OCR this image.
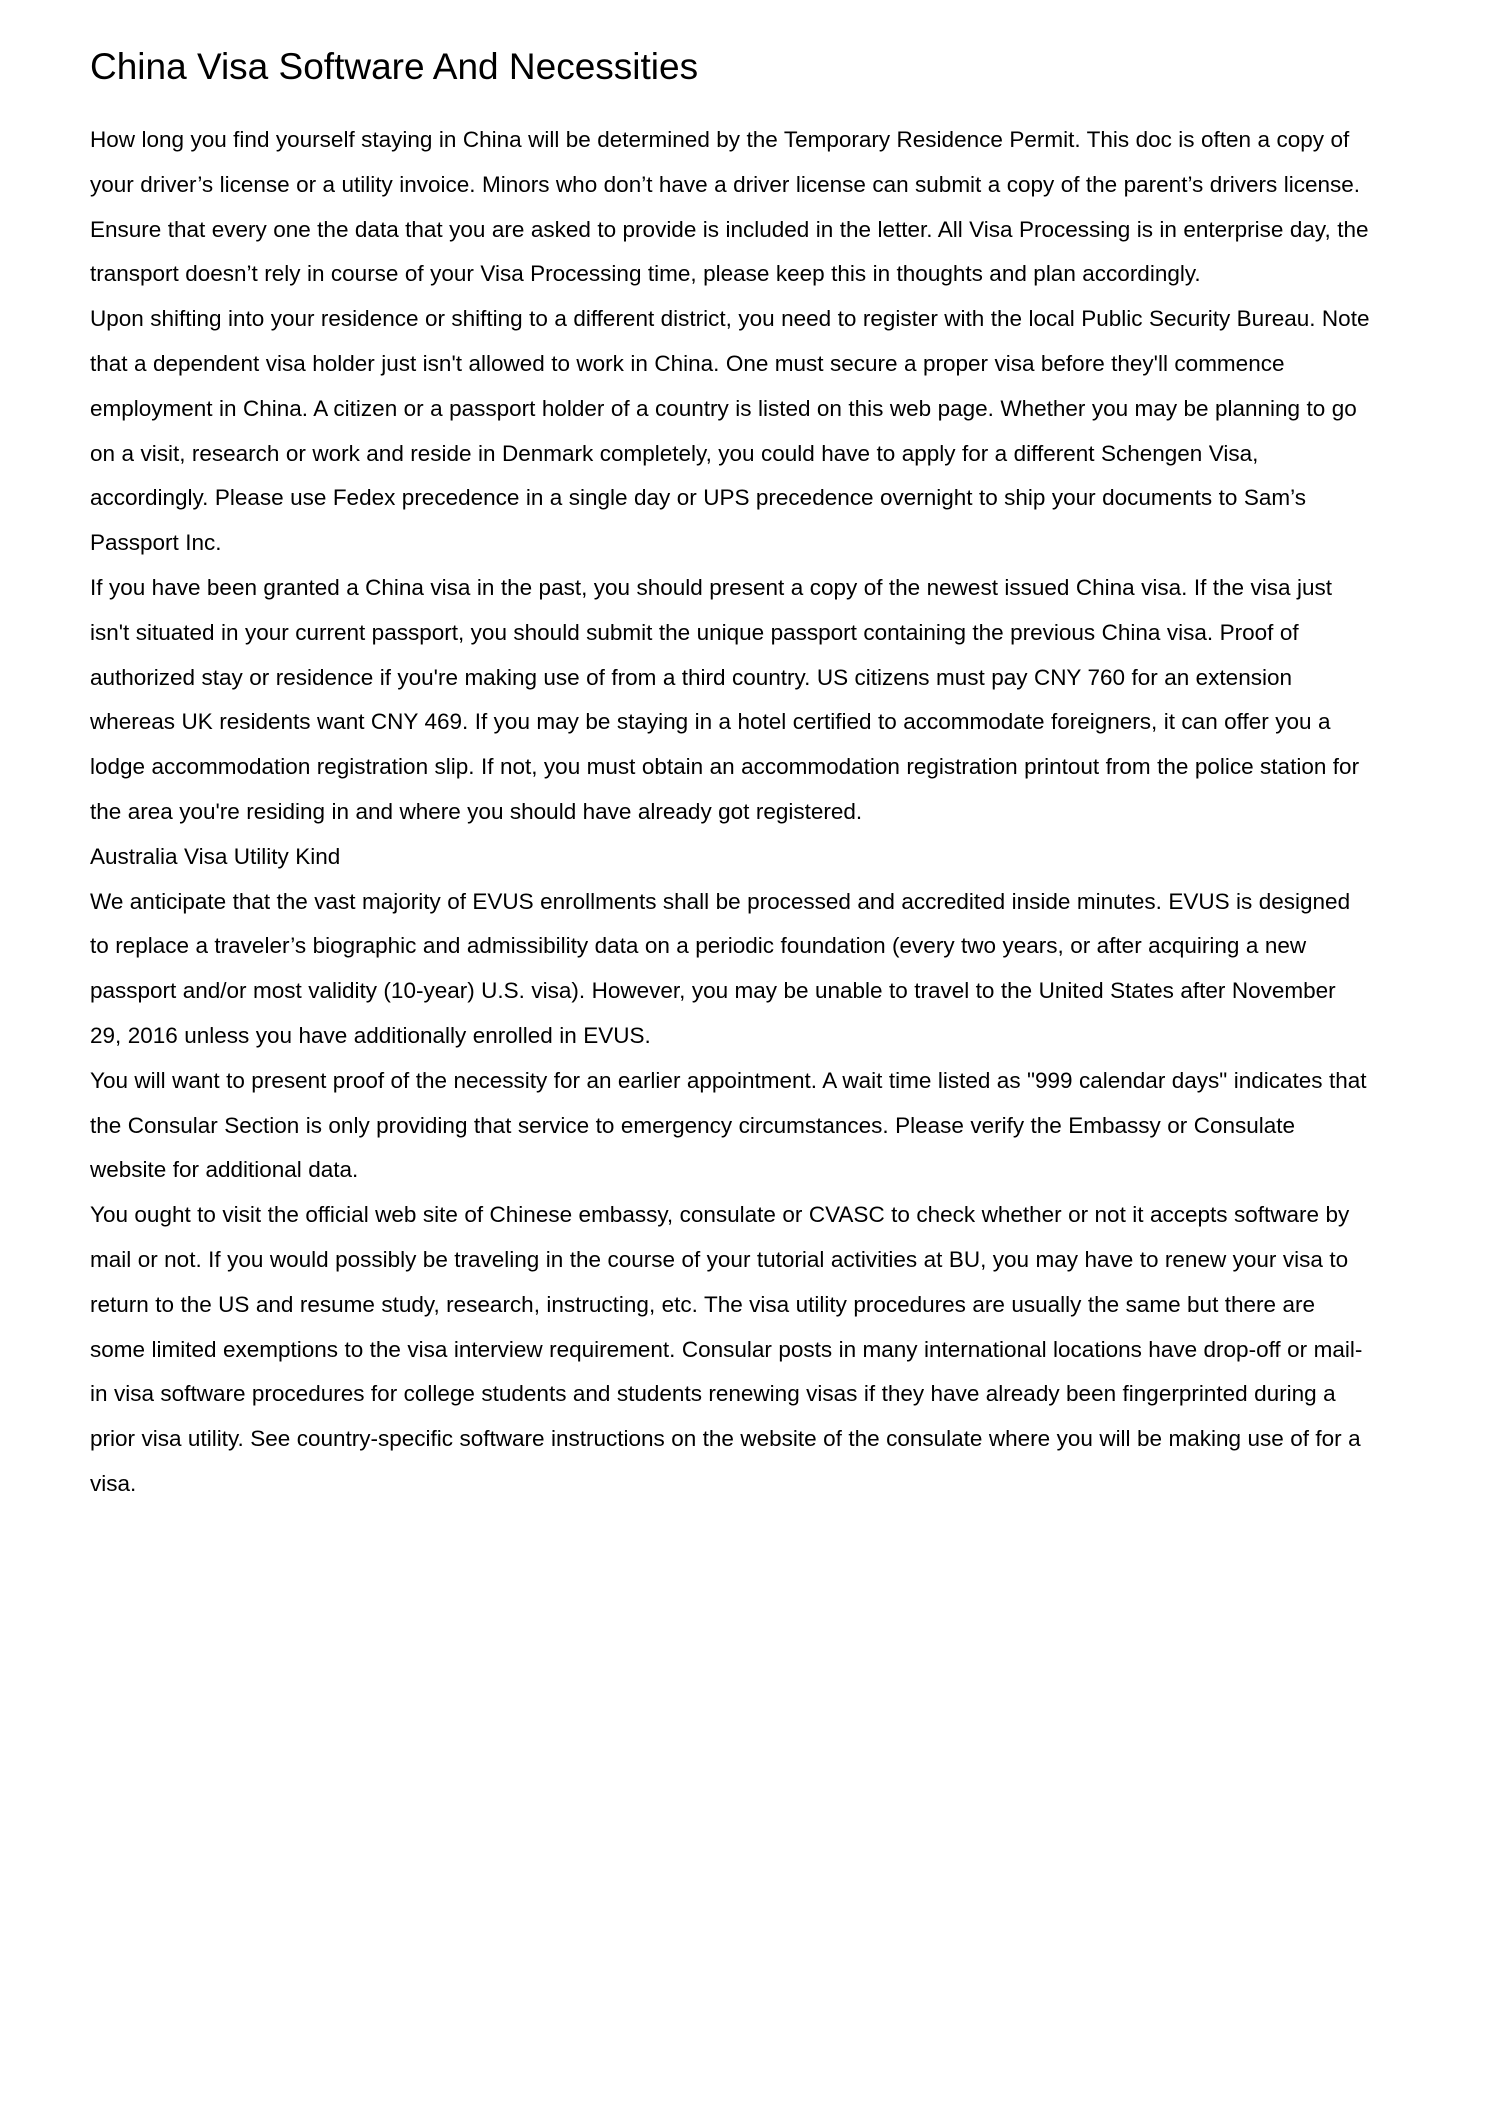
China Visa Software And Necessities

How long you find yourself staying in China will be determined by the Temporary Residence Permit. This doc is often a copy of your driver’s license or a utility invoice. Minors who don’t have a driver license can submit a copy of the parent’s drivers license. Ensure that every one the data that you are asked to provide is included in the letter. All Visa Processing is in enterprise day, the transport doesn’t rely in course of your Visa Processing time, please keep this in thoughts and plan accordingly.

Upon shifting into your residence or shifting to a different district, you need to register with the local Public Security Bureau. Note that a dependent visa holder just isn't allowed to work in China. One must secure a proper visa before they'll commence employment in China. A citizen or a passport holder of a country is listed on this web page. Whether you may be planning to go on a visit, research or work and reside in Denmark completely, you could have to apply for a different Schengen Visa, accordingly. Please use Fedex precedence in a single day or UPS precedence overnight to ship your documents to Sam’s Passport Inc.

If you have been granted a China visa in the past, you should present a copy of the newest issued China visa. If the visa just isn't situated in your current passport, you should submit the unique passport containing the previous China visa. Proof of authorized stay or residence if you're making use of from a third country. US citizens must pay CNY 760 for an extension whereas UK residents want CNY 469. If you may be staying in a hotel certified to accommodate foreigners, it can offer you a lodge accommodation registration slip. If not, you must obtain an accommodation registration printout from the police station for the area you're residing in and where you should have already got registered.

Australia Visa Utility Kind

We anticipate that the vast majority of EVUS enrollments shall be processed and accredited inside minutes. EVUS is designed to replace a traveler’s biographic and admissibility data on a periodic foundation (every two years, or after acquiring a new passport and/or most validity (10-year) U.S. visa). However, you may be unable to travel to the United States after November 29, 2016 unless you have additionally enrolled in EVUS.

You will want to present proof of the necessity for an earlier appointment. A wait time listed as "999 calendar days" indicates that the Consular Section is only providing that service to emergency circumstances. Please verify the Embassy or Consulate website for additional data.

You ought to visit the official web site of Chinese embassy, consulate or CVASC to check whether or not it accepts software by mail or not. If you would possibly be traveling in the course of your tutorial activities at BU, you may have to renew your visa to return to the US and resume study, research, instructing, etc. The visa utility procedures are usually the same but there are some limited exemptions to the visa interview requirement. Consular posts in many international locations have drop-off or mail-in visa software procedures for college students and students renewing visas if they have already been fingerprinted during a prior visa utility. See country-specific software instructions on the website of the consulate where you will be making use of for a visa.
